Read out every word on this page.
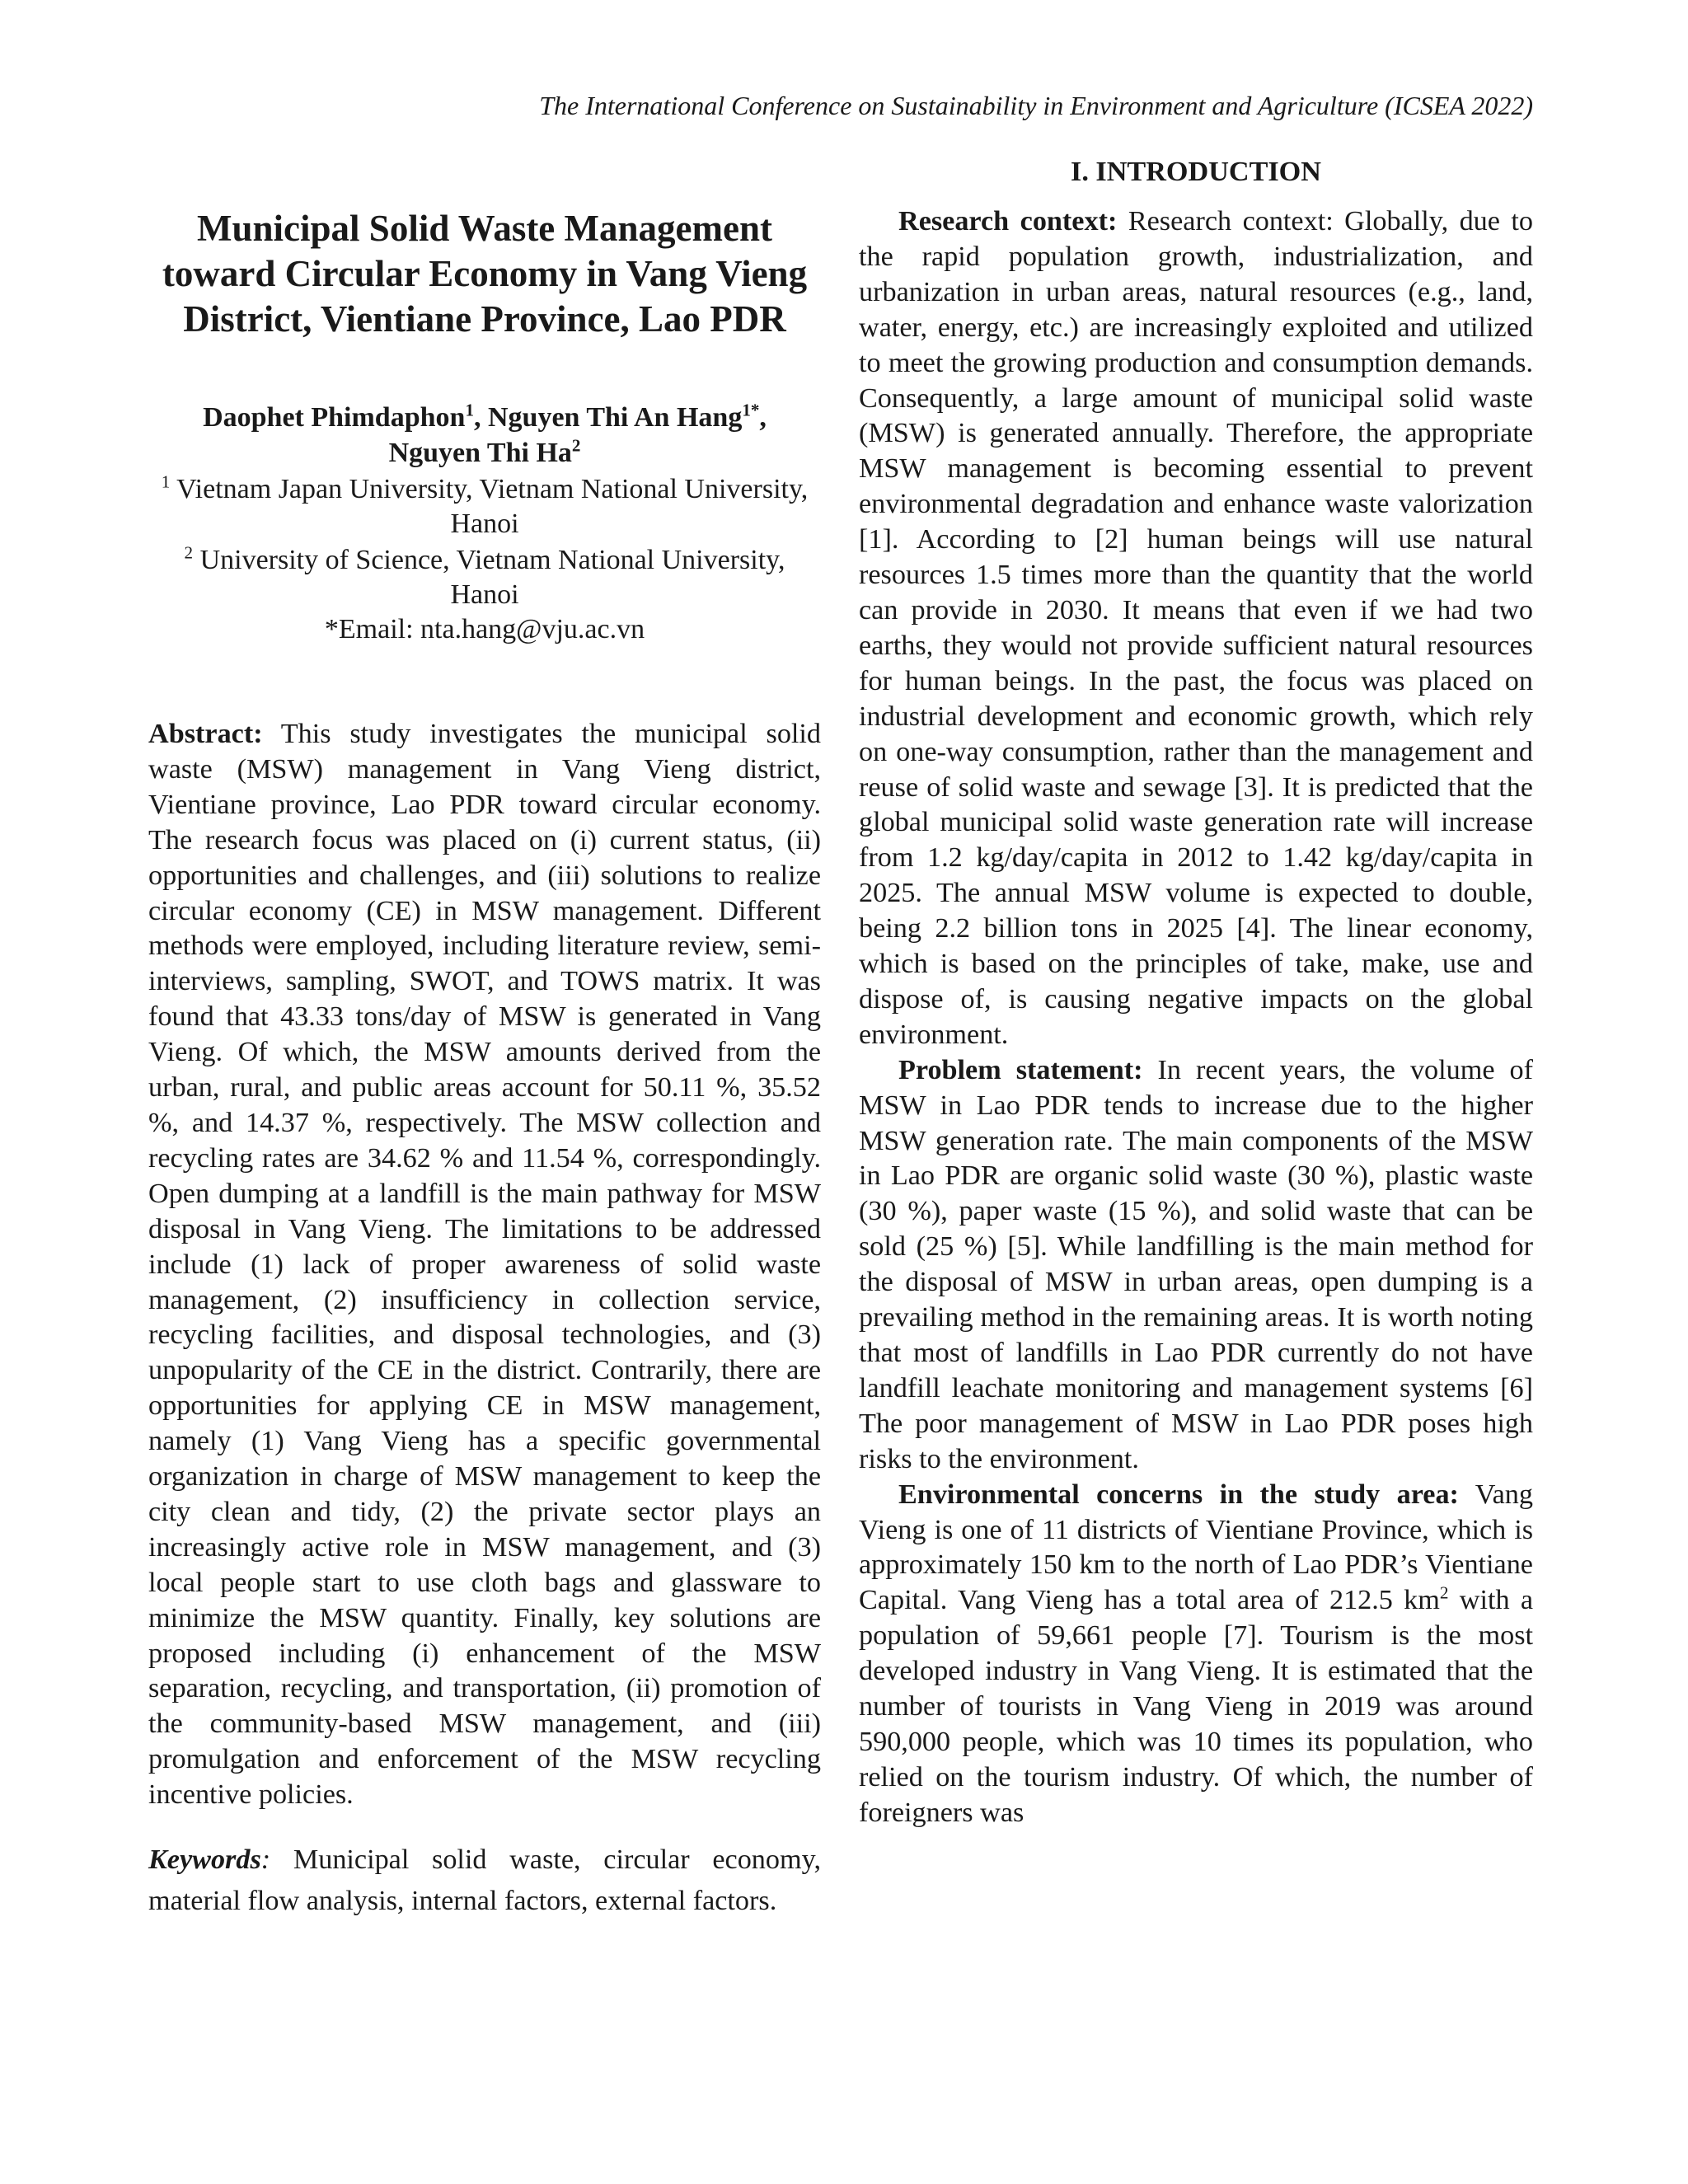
The International Conference on Sustainability in Environment and Agriculture (ICSEA 2022)
Municipal Solid Waste Management toward Circular Economy in Vang Vieng District, Vientiane Province, Lao PDR

Daophet Phimdaphon$^1$, Nguyen Thi An Hang$^{1*}$,
Nguyen Thi Ha$^2$

$^1$ Vietnam Japan University, Vietnam National University, Hanoi

$^2$ University of Science, Vietnam National University, Hanoi

*Email: nta.hang@vju.ac.vn

Abstract: This study investigates the municipal solid waste (MSW) management in Vang Vieng district, Vientiane province, Lao PDR toward circular economy. The research focus was placed on (i) current status, (ii) opportunities and challenges, and (iii) solutions to realize circular economy (CE) in MSW management. Different methods were employed, including literature review, semi-interviews, sampling, SWOT, and TOWS matrix. It was found that 43.33 tons/day of MSW is generated in Vang Vieng. Of which, the MSW amounts derived from the urban, rural, and public areas account for 50.11 %, 35.52 %, and 14.37 %, respectively. The MSW collection and recycling rates are 34.62 % and 11.54 %, correspondingly. Open dumping at a landfill is the main pathway for MSW disposal in Vang Vieng. The limitations to be addressed include (1) lack of proper awareness of solid waste management, (2) insufficiency in collection service, recycling facilities, and disposal technologies, and (3) unpopularity of the CE in the district. Contrarily, there are opportunities for applying CE in MSW management, namely (1) Vang Vieng has a specific governmental organization in charge of MSW management to keep the city clean and tidy, (2) the private sector plays an increasingly active role in MSW management, and (3) local people start to use cloth bags and glassware to minimize the MSW quantity. Finally, key solutions are proposed including (i) enhancement of the MSW separation, recycling, and transportation, (ii) promotion of the community-based MSW management, and (iii) promulgation and enforcement of the MSW recycling incentive policies.

Keywords: Municipal solid waste, circular economy, material flow analysis, internal factors, external factors.

I. INTRODUCTION

Research context: Research context: Globally, due to the rapid population growth, industrialization, and urbanization in urban areas, natural resources (e.g., land, water, energy, etc.) are increasingly exploited and utilized to meet the growing production and consumption demands. Consequently, a large amount of municipal solid waste (MSW) is generated annually. Therefore, the appropriate MSW management is becoming essential to prevent environmental degradation and enhance waste valorization [1]. According to [2] human beings will use natural resources 1.5 times more than the quantity that the world can provide in 2030. It means that even if we had two earths, they would not provide sufficient natural resources for human beings. In the past, the focus was placed on industrial development and economic growth, which rely on one-way consumption, rather than the management and reuse of solid waste and sewage [3]. It is predicted that the global municipal solid waste generation rate will increase from 1.2 kg/day/capita in 2012 to 1.42 kg/day/capita in 2025. The annual MSW volume is expected to double, being 2.2 billion tons in 2025 [4]. The linear economy, which is based on the principles of take, make, use and dispose of, is causing negative impacts on the global environment.

Problem statement: In recent years, the volume of MSW in Lao PDR tends to increase due to the higher MSW generation rate. The main components of the MSW in Lao PDR are organic solid waste (30 %), plastic waste (30 %), paper waste (15 %), and solid waste that can be sold (25 %) [5]. While landfilling is the main method for the disposal of MSW in urban areas, open dumping is a prevailing method in the remaining areas. It is worth noting that most of landfills in Lao PDR currently do not have landfill leachate monitoring and management systems [6] The poor management of MSW in Lao PDR poses high risks to the environment.

Environmental concerns in the study area: Vang Vieng is one of 11 districts of Vientiane Province, which is approximately 150 km to the north of Lao PDR’s Vientiane Capital. Vang Vieng has a total area of 212.5 $km^2$ with a population of 59,661 people [7]. Tourism is the most developed industry in Vang Vieng. It is estimated that the number of tourists in Vang Vieng in 2019 was around 590,000 people, which was 10 times its population, who relied on the tourism industry. Of which, the number of foreigners was
